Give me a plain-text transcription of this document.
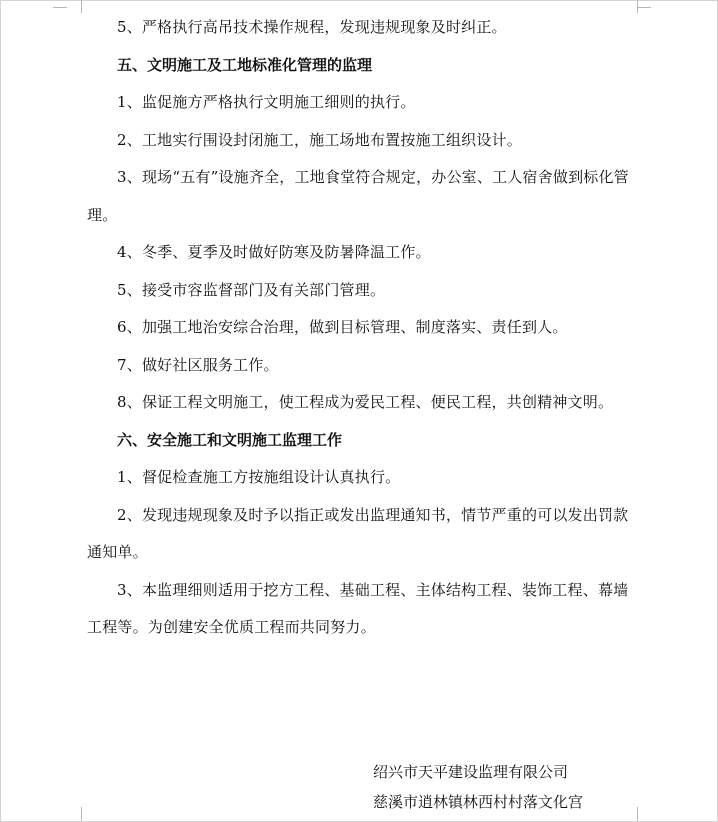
5、严格执行高吊技术操作规程，发现违规现象及时纠正。

五、文明施工及工地标准化管理的监理

1、监促施方严格执行文明施工细则的执行。

2、工地实行围设封闭施工，施工场地布置按施工组织设计。

3、现场“五有”设施齐全，工地食堂符合规定，办公室、工人宿舍做到标化管理。

4、冬季、夏季及时做好防寒及防暑降温工作。

5、接受市容监督部门及有关部门管理。

6、加强工地治安综合治理，做到目标管理、制度落实、责任到人。

7、做好社区服务工作。

8、保证工程文明施工，使工程成为爱民工程、便民工程，共创精神文明。

六、安全施工和文明施工监理工作

1、督促检查施工方按施组设计认真执行。

2、发现违规现象及时予以指正或发出监理通知书，情节严重的可以发出罚款通知单。

3、本监理细则适用于挖方工程、基础工程、主体结构工程、装饰工程、幕墙工程等。为创建安全优质工程而共同努力。

绍兴市天平建设监理有限公司
慈溪市逍林镇林西村村落文化宫
